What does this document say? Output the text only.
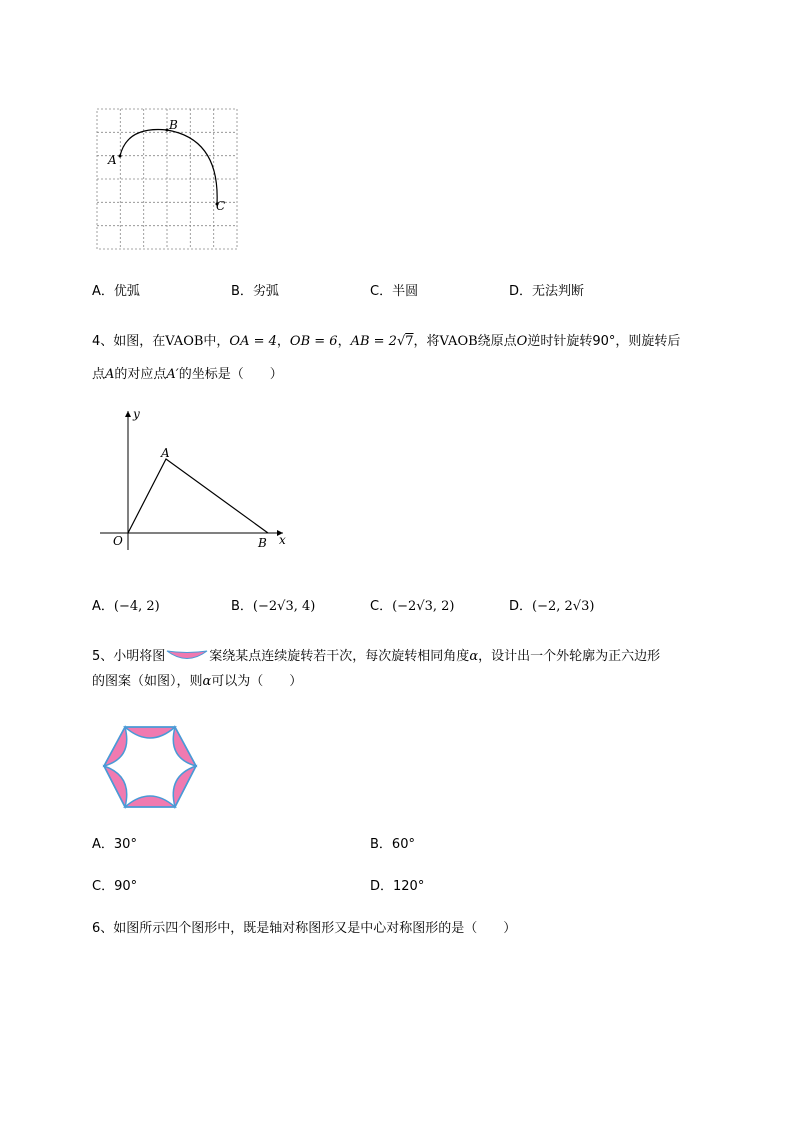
A
B
C
A．优弧	B．劣弧	C．半圆	D．无法判断
4、如图，在VAOB中，OA = 4，OB = 6，AB = 2√7，将VAOB绕原点O逆时针旋转90°，则旋转后
点A的对应点A′的坐标是（　　）
y
x
A
O	B
A．(−4, 2)	B．(−2√3, 4)	C．(−2√3, 2)	D．(−2, 2√3)
5、小明将图	案绕某点连续旋转若干次，每次旋转相同角度α，设计出一个外轮廓为正六边形
的图案（如图），则α可以为（　　）
A．30°	B．60°
C．90°	D．120°
6、如图所示四个图形中，既是轴对称图形又是中心对称图形的是（　　）
